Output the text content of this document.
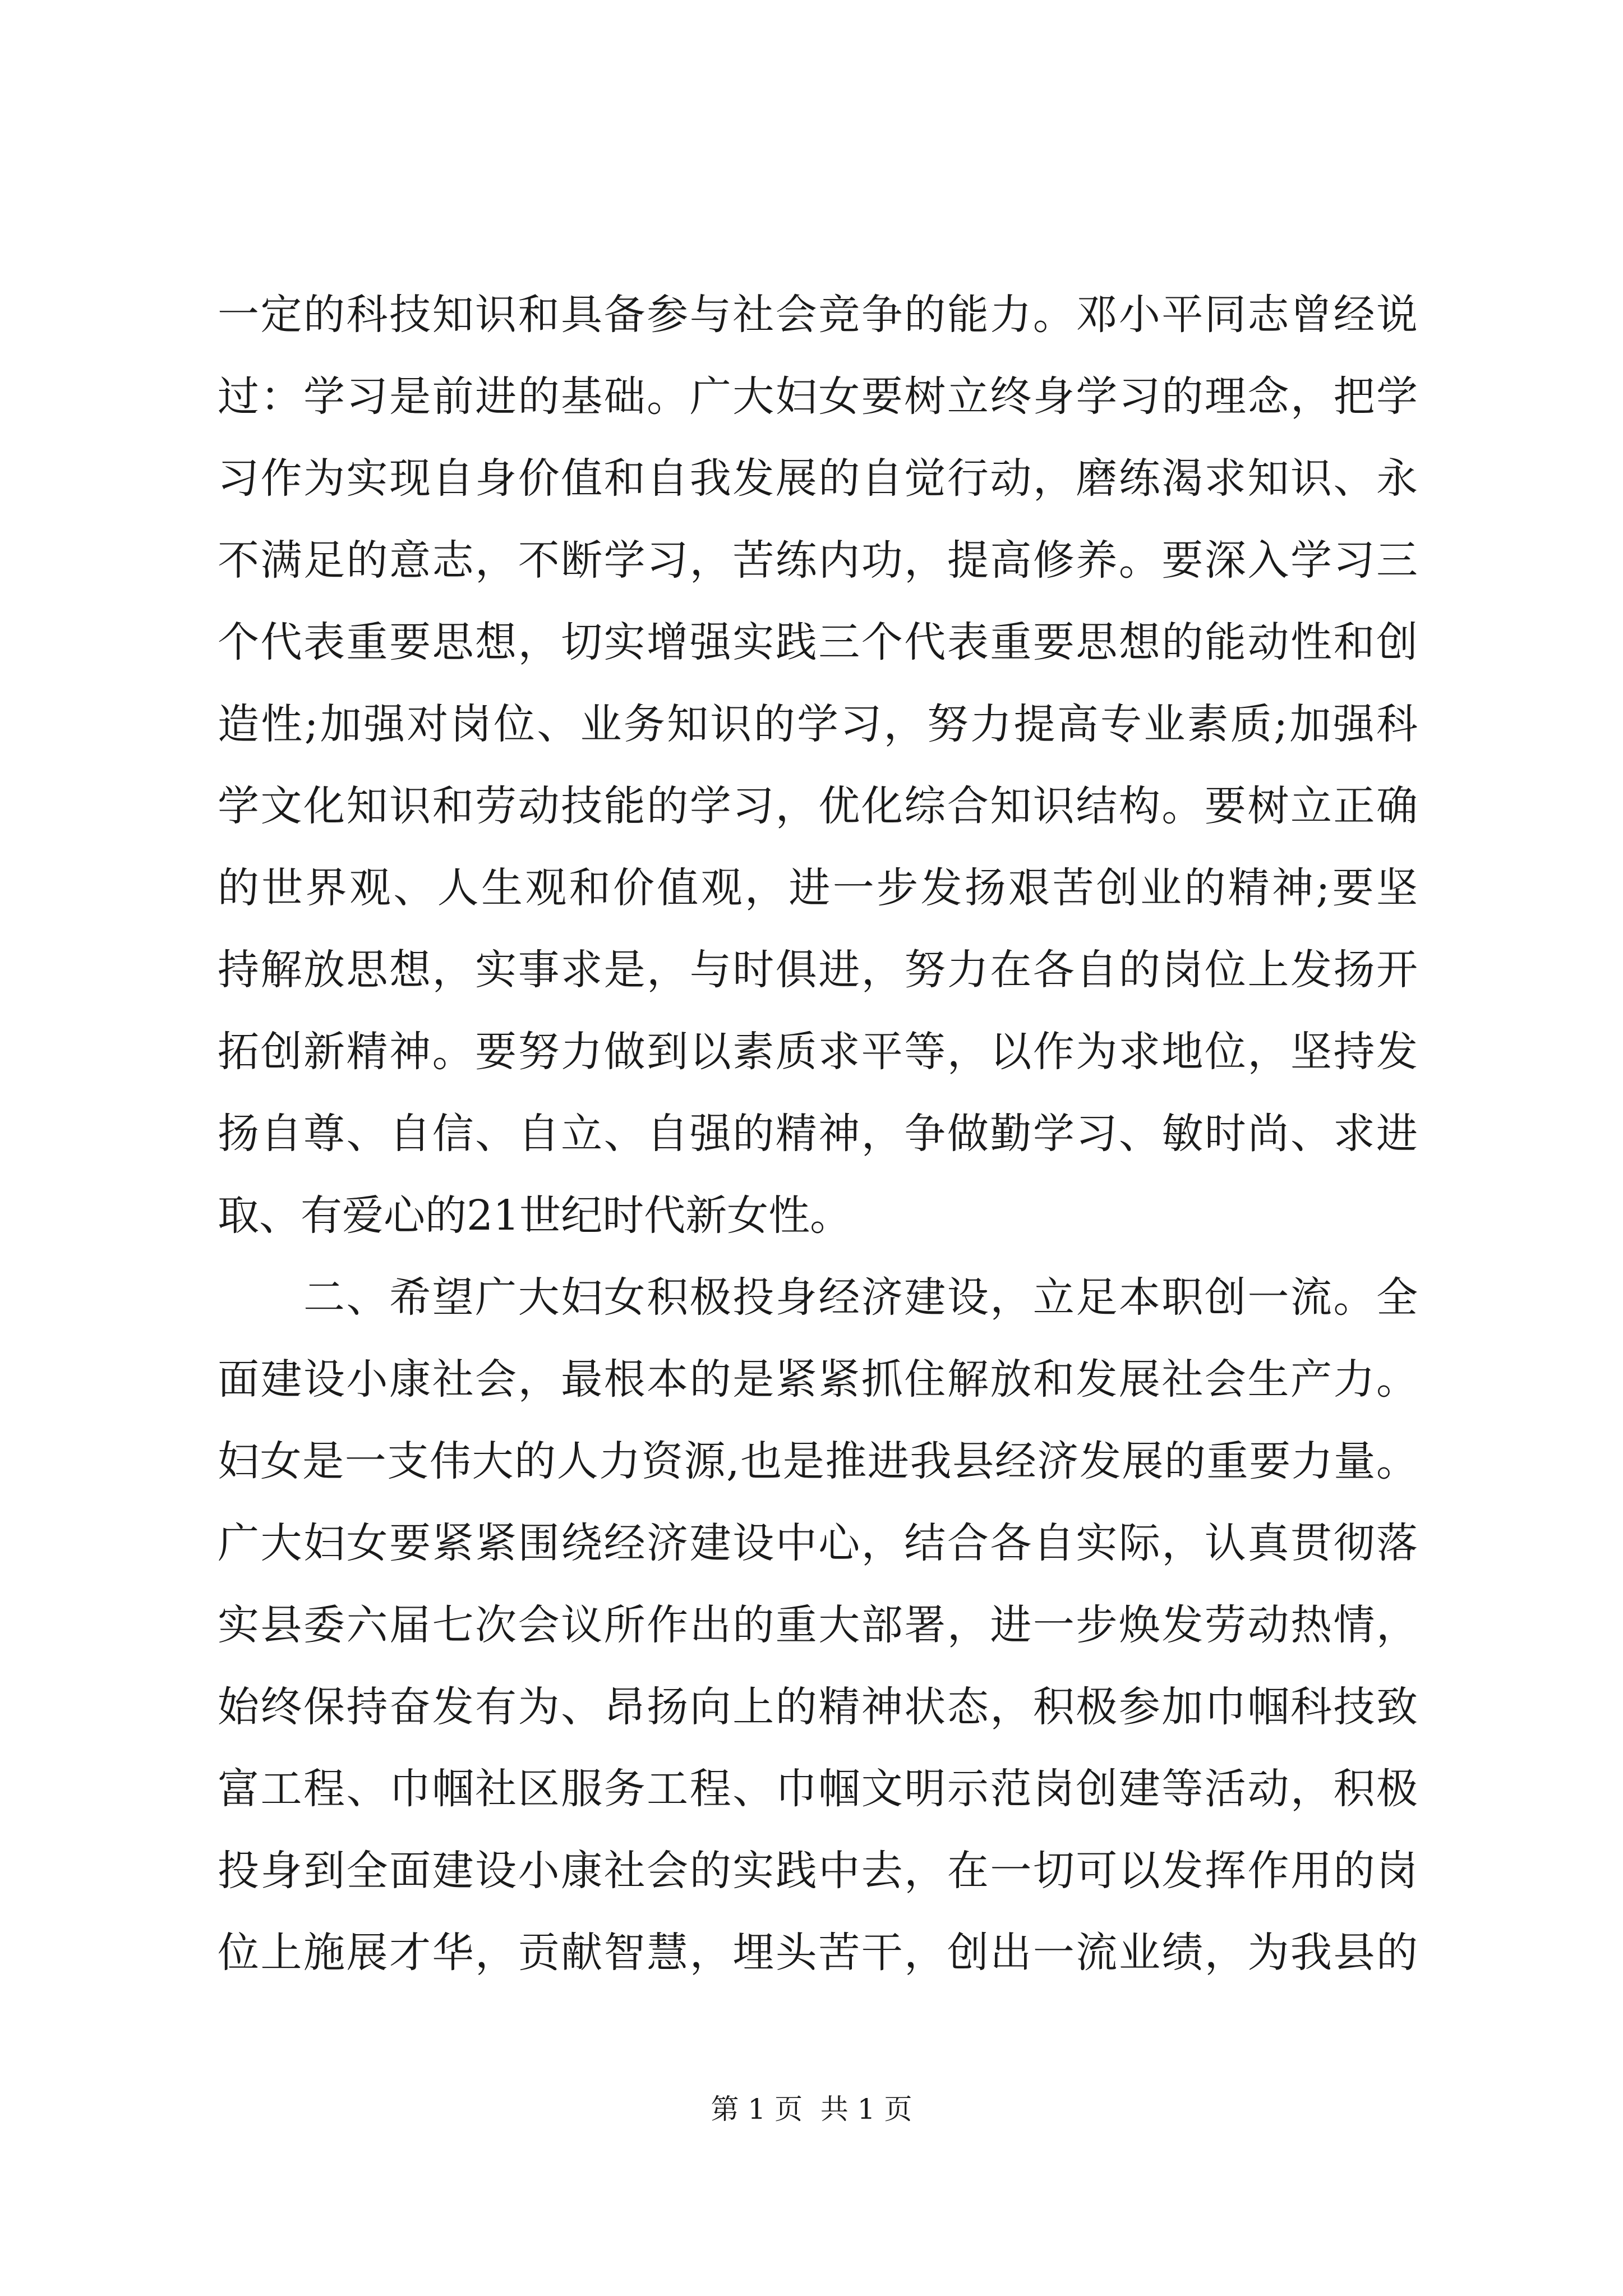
一定的科技知识和具备参与社会竞争的能力。邓小平同志曾经说
过：学习是前进的基础。广大妇女要树立终身学习的理念，把学
习作为实现自身价值和自我发展的自觉行动，磨练渴求知识、永
不满足的意志，不断学习，苦练内功，提高修养。要深入学习三
个代表重要思想，切实增强实践三个代表重要思想的能动性和创
造性;加强对岗位、业务知识的学习，努力提高专业素质;加强科
学文化知识和劳动技能的学习，优化综合知识结构。要树立正确
的世界观、人生观和价值观，进一步发扬艰苦创业的精神;要坚
持解放思想，实事求是，与时俱进，努力在各自的岗位上发扬开
拓创新精神。要努力做到以素质求平等，以作为求地位，坚持发
扬自尊、自信、自立、自强的精神，争做勤学习、敏时尚、求进
取、有爱心的21世纪时代新女性。
　　二、希望广大妇女积极投身经济建设，立足本职创一流。全
面建设小康社会，最根本的是紧紧抓住解放和发展社会生产力。
妇女是一支伟大的人力资源,也是推进我县经济发展的重要力量。
广大妇女要紧紧围绕经济建设中心，结合各自实际，认真贯彻落
实县委六届七次会议所作出的重大部署，进一步焕发劳动热情，
始终保持奋发有为、昂扬向上的精神状态，积极参加巾帼科技致
富工程、巾帼社区服务工程、巾帼文明示范岗创建等活动，积极
投身到全面建设小康社会的实践中去，在一切可以发挥作用的岗
位上施展才华，贡献智慧，埋头苦干，创出一流业绩，为我县的
第 1 页  共 1 页
